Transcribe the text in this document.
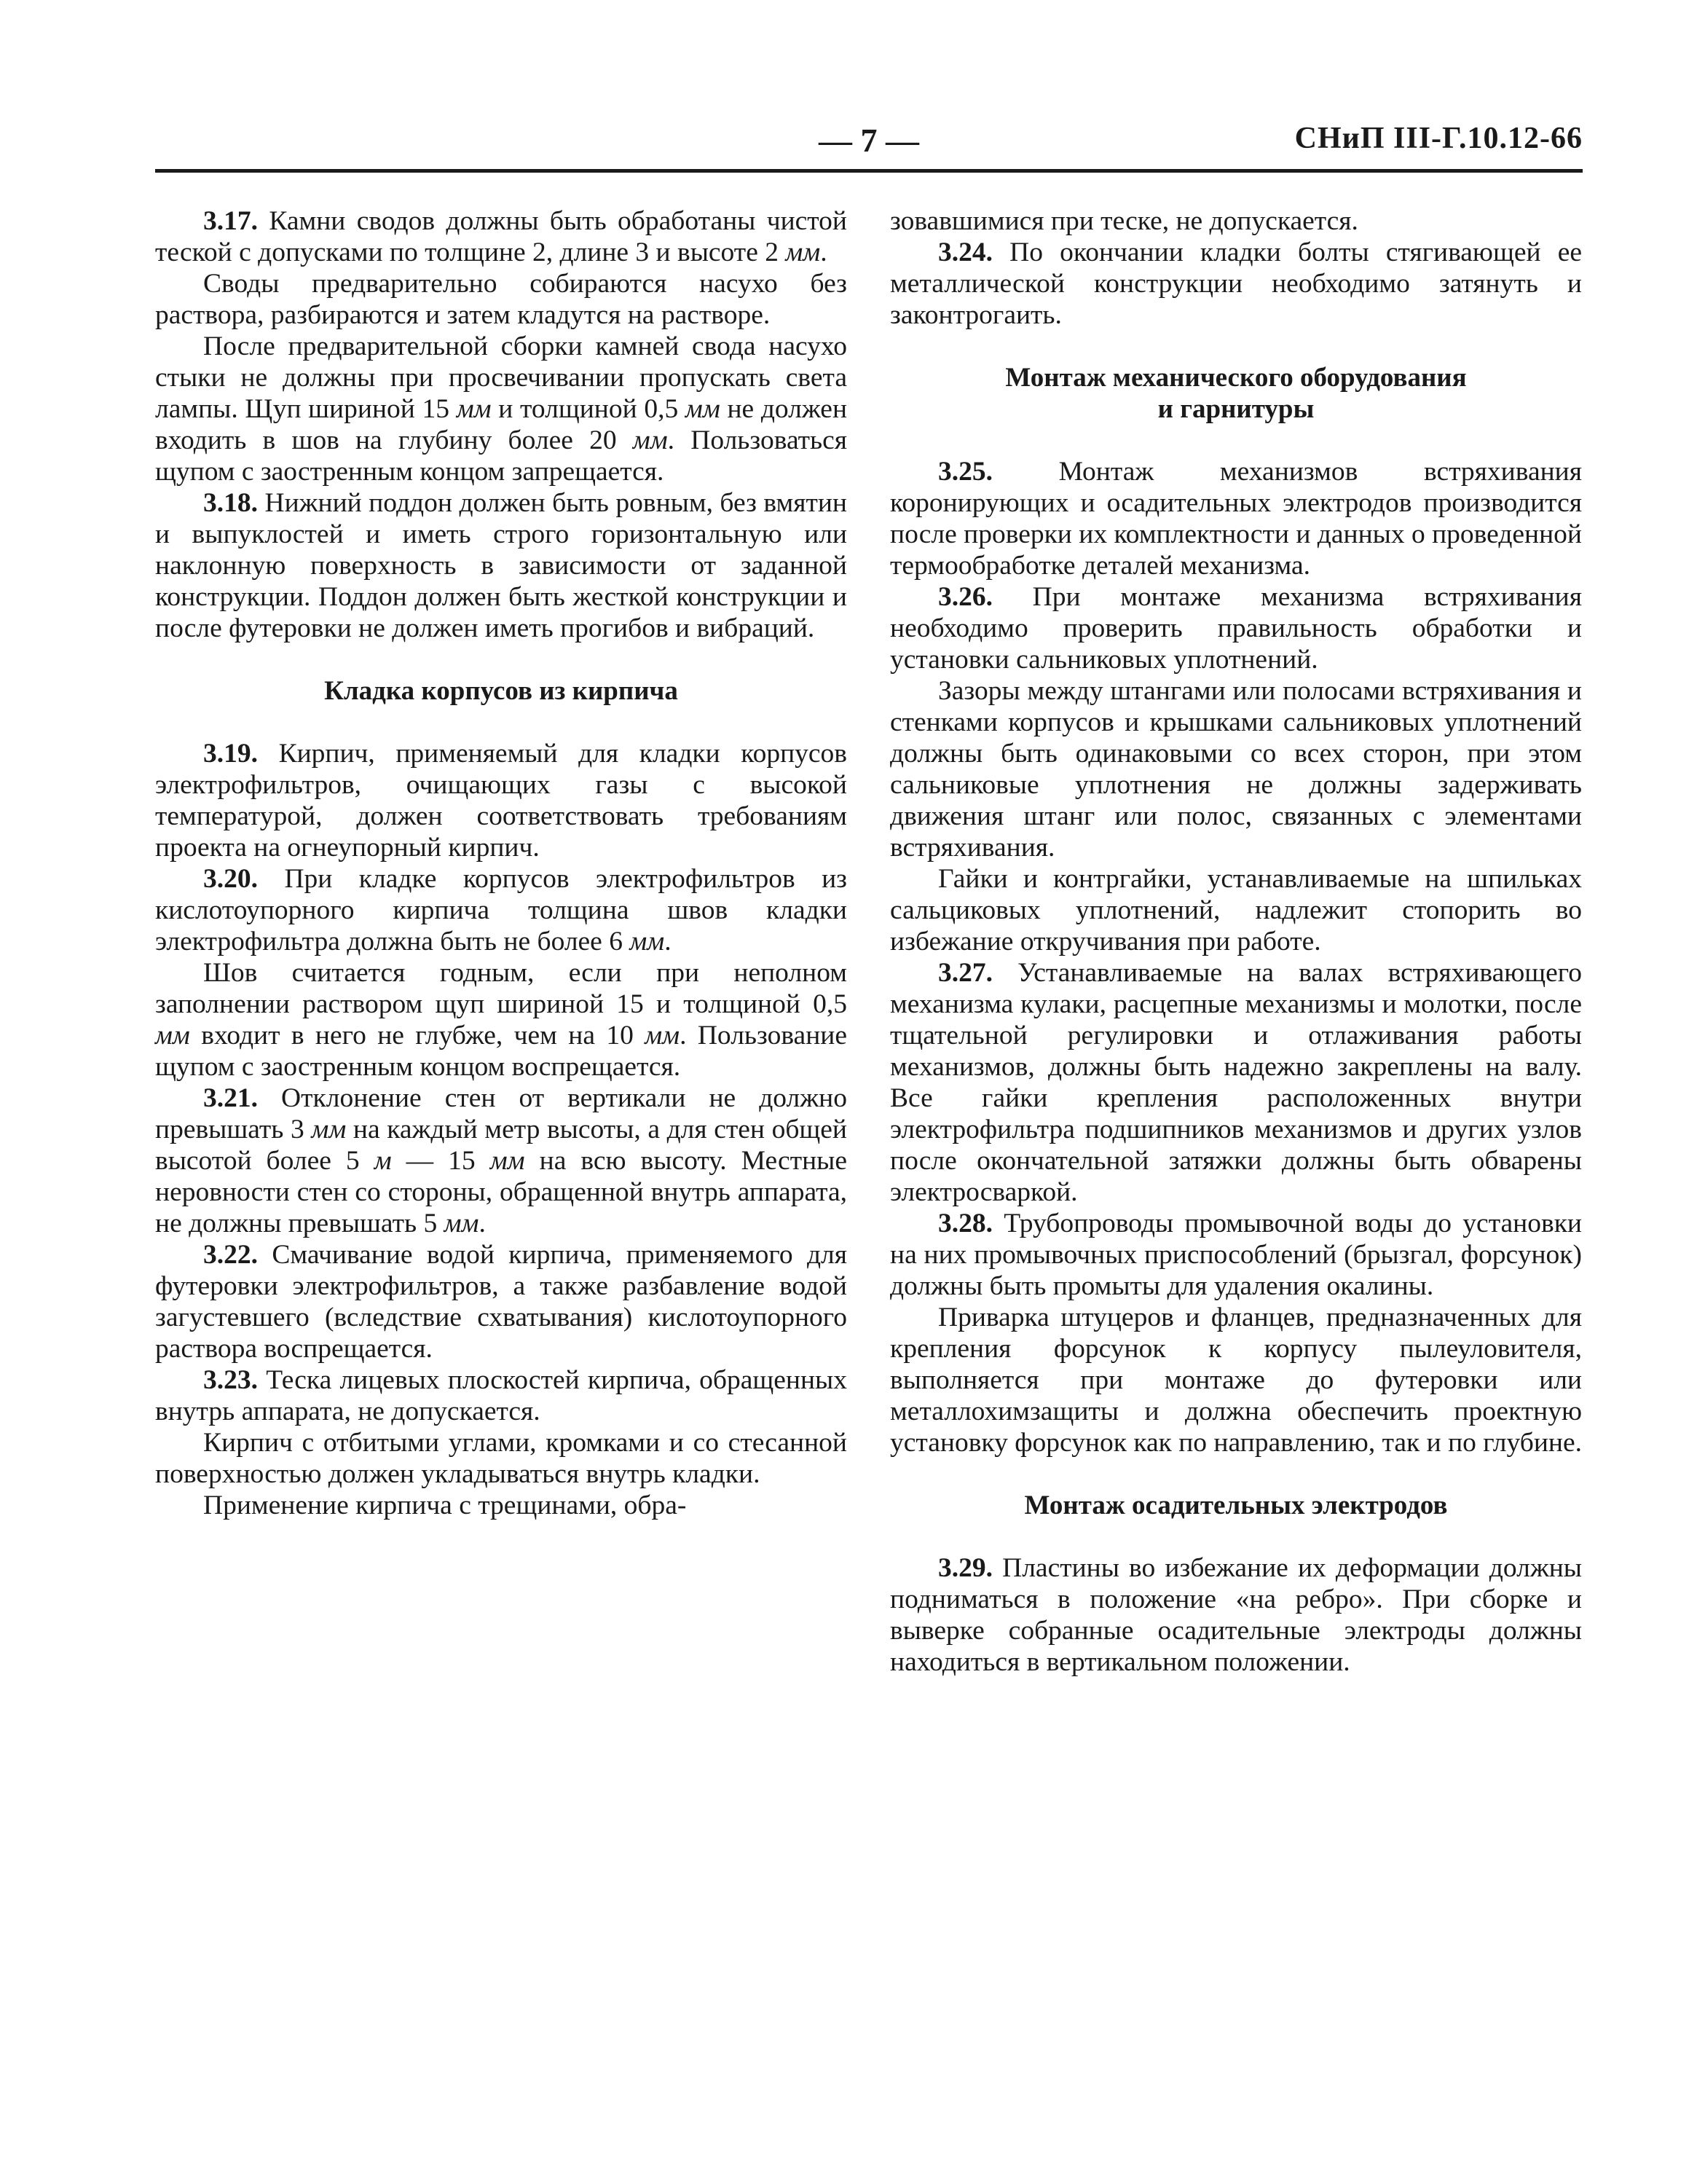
— 7 —	СНиП III-Г.10.12-66

3.17. Камни сводов должны быть обработаны чистой теской с допусками по толщине 2, длине 3 и высоте 2 мм.

Своды предварительно собираются насухо без раствора, разбираются и затем кладутся на растворе.

После предварительной сборки камней свода насухо стыки не должны при просвечивании пропускать света лампы. Щуп шириной 15 мм и толщиной 0,5 мм не должен входить в шов на глубину более 20 мм. Пользоваться щупом с заостренным концом запрещается.

3.18. Нижний поддон должен быть ровным, без вмятин и выпуклостей и иметь строго горизонтальную или наклонную поверхность в зависимости от заданной конструкции. Поддон должен быть жесткой конструкции и после футеровки не должен иметь прогибов и вибраций.

Кладка корпусов из кирпича

3.19. Кирпич, применяемый для кладки корпусов электрофильтров, очищающих газы с высокой температурой, должен соответствовать требованиям проекта на огнеупорный кирпич.

3.20. При кладке корпусов электрофильтров из кислотоупорного кирпича толщина швов кладки электрофильтра должна быть не более 6 мм.

Шов считается годным, если при неполном заполнении раствором щуп шириной 15 и толщиной 0,5 мм входит в него не глубже, чем на 10 мм. Пользование щупом с заостренным концом воспрещается.

3.21. Отклонение стен от вертикали не должно превышать 3 мм на каждый метр высоты, а для стен общей высотой более 5 м — 15 мм на всю высоту. Местные неровности стен со стороны, обращенной внутрь аппарата, не должны превышать 5 мм.

3.22. Смачивание водой кирпича, применяемого для футеровки электрофильтров, а также разбавление водой загустевшего (вследствие схватывания) кислотоупорного раствора воспрещается.

3.23. Теска лицевых плоскостей кирпича, обращенных внутрь аппарата, не допускается.

Кирпич с отбитыми углами, кромками и со стесанной поверхностью должен укладываться внутрь кладки.

Применение кирпича с трещинами, обра-

зовавшимися при теске, не допускается.

3.24. По окончании кладки болты стягивающей ее металлической конструкции необходимо затянуть и законтрогаить.

Монтаж механического оборудования

и гарнитуры

3.25. Монтаж механизмов встряхивания коронирующих и осадительных электродов производится после проверки их комплектности и данных о проведенной термообработке деталей механизма.

3.26. При монтаже механизма встряхивания необходимо проверить правильность обработки и установки сальниковых уплотнений.

Зазоры между штангами или полосами встряхивания и стенками корпусов и крышками сальниковых уплотнений должны быть одинаковыми со всех сторон, при этом сальниковые уплотнения не должны задерживать движения штанг или полос, связанных с элементами встряхивания.

Гайки и контргайки, устанавливаемые на шпильках сальциковых уплотнений, надлежит стопорить во избежание откручивания при работе.

3.27. Устанавливаемые на валах встряхивающего механизма кулаки, расцепные механизмы и молотки, после тщательной регулировки и отлаживания работы механизмов, должны быть надежно закреплены на валу. Все гайки крепления расположенных внутри электрофильтра подшипников механизмов и других узлов после окончательной затяжки должны быть обварены электросваркой.

3.28. Трубопроводы промывочной воды до установки на них промывочных приспособлений (брызгал, форсунок) должны быть промыты для удаления окалины.

Приварка штуцеров и фланцев, предназначенных для крепления форсунок к корпусу пылеуловителя, выполняется при монтаже до футеровки или металлохимзащиты и должна обеспечить проектную установку форсунок как по направлению, так и по глубине.

Монтаж осадительных электродов

3.29. Пластины во избежание их деформации должны подниматься в положение «на ребро». При сборке и выверке собранные осадительные электроды должны находиться в вертикальном положении.
